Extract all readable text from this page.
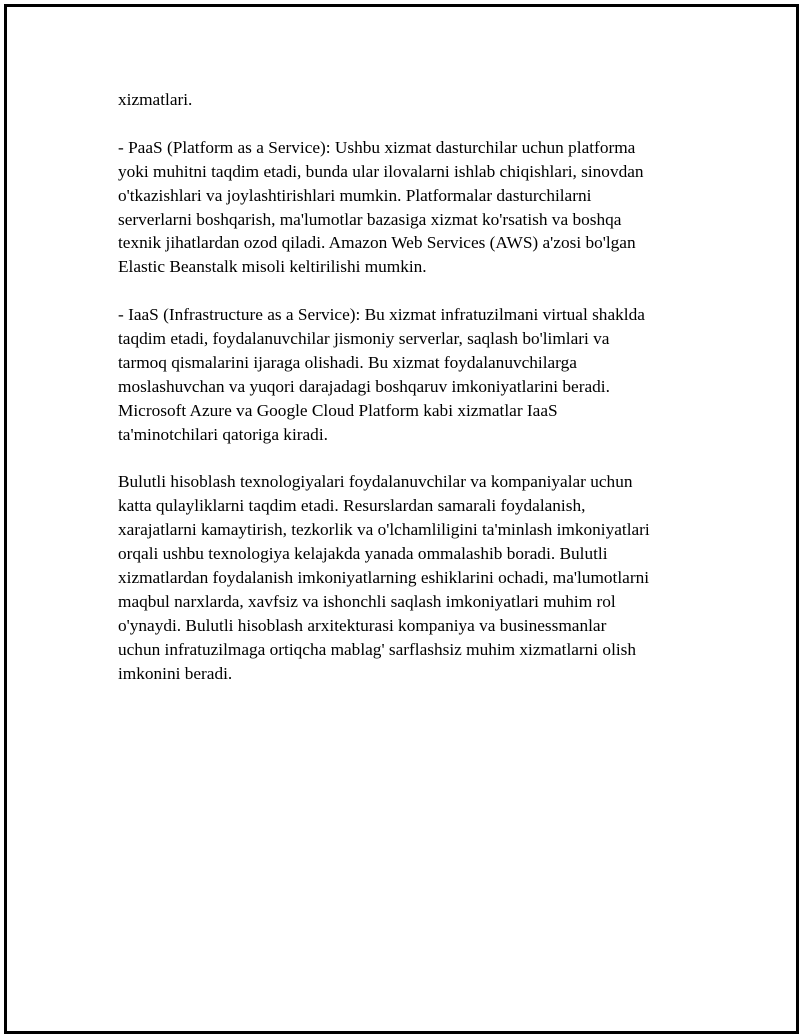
xizmatlari.

- PaaS (Platform as a Service): Ushbu xizmat dasturchilar uchun platforma
yoki muhitni taqdim etadi, bunda ular ilovalarni ishlab chiqishlari, sinovdan
o'tkazishlari va joylashtirishlari mumkin. Platformalar dasturchilarni
serverlarni boshqarish, ma'lumotlar bazasiga xizmat ko'rsatish va boshqa
texnik jihatlardan ozod qiladi. Amazon Web Services (AWS) a'zosi bo'lgan
Elastic Beanstalk misoli keltirilishi mumkin.

- IaaS (Infrastructure as a Service): Bu xizmat infratuzilmani virtual shaklda
taqdim etadi, foydalanuvchilar jismoniy serverlar, saqlash bo'limlari va
tarmoq qismalarini ijaraga olishadi. Bu xizmat foydalanuvchilarga
moslashuvchan va yuqori darajadagi boshqaruv imkoniyatlarini beradi.
Microsoft Azure va Google Cloud Platform kabi xizmatlar IaaS
ta'minotchilari qatoriga kiradi.

Bulutli hisoblash texnologiyalari foydalanuvchilar va kompaniyalar uchun
katta qulayliklarni taqdim etadi. Resurslardan samarali foydalanish,
xarajatlarni kamaytirish, tezkorlik va o'lchamliligini ta'minlash imkoniyatlari
orqali ushbu texnologiya kelajakda yanada ommalashib boradi. Bulutli
xizmatlardan foydalanish imkoniyatlarning eshiklarini ochadi, ma'lumotlarni
maqbul narxlarda, xavfsiz va ishonchli saqlash imkoniyatlari muhim rol
o'ynaydi. Bulutli hisoblash arxitekturasi kompaniya va businessmanlar
uchun infratuzilmaga ortiqcha mablag' sarflashsiz muhim xizmatlarni olish
imkonini beradi.
